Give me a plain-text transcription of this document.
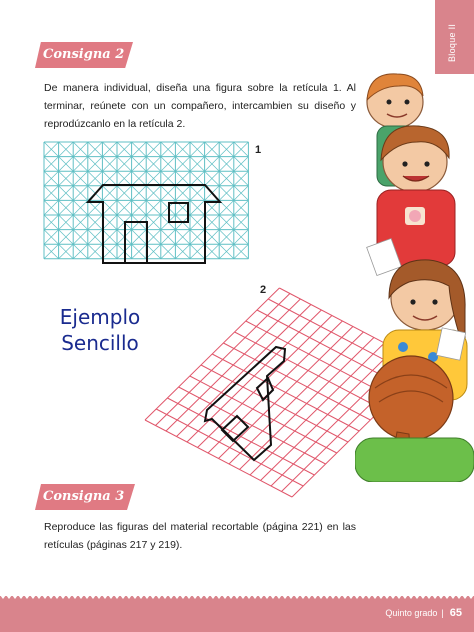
Bloque II
Consigna 2
De manera individual, diseña una figura sobre la retícula 1. Al terminar, reúnete con un compañero, intercambien su diseño y reprodúzcanlo en la retícula 2.
1
Ejemplo
Sencillo
2
Consigna 3
Reproduce las figuras del material recortable (página 221) en las retículas (páginas 217 y 219).
Quinto grado | 65
